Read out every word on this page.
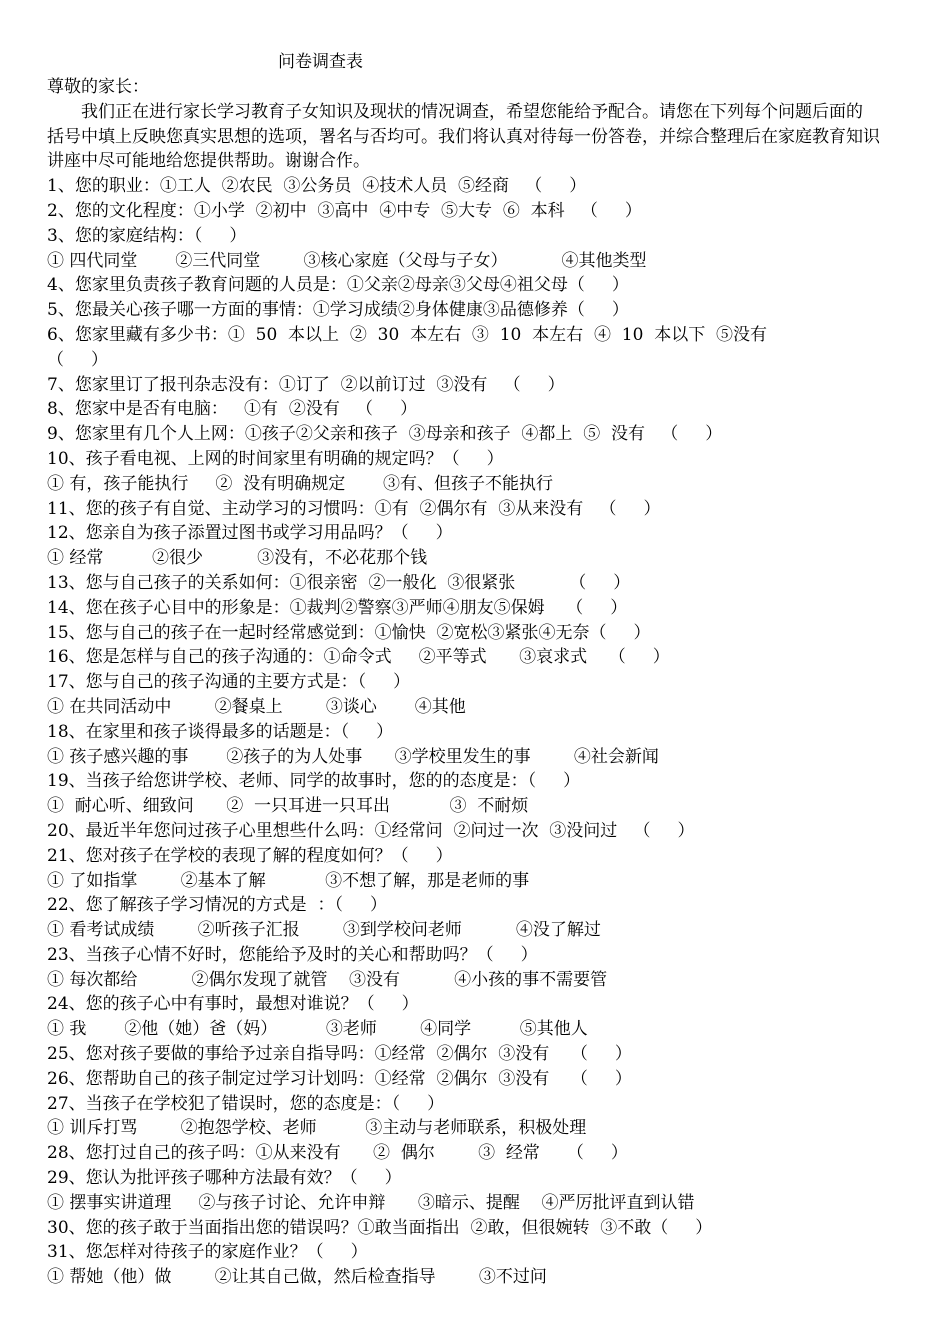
问卷调查表
尊敬的家长：
我们正在进行家长学习教育子女知识及现状的情况调查，希望您能给予配合。请您在下列每个问题后面的
括号中填上反映您真实思想的选项，署名与否均可。我们将认真对待每一份答卷，并综合整理后在家庭教育知识
讲座中尽可能地给您提供帮助。谢谢合作。
1、您的职业：①工人  ②农民  ③公务员  ④技术人员  ⑤经商   （     ）
2、您的文化程度：①小学  ②初中  ③高中  ④中专  ⑤大专  ⑥  本科   （     ）
3、您的家庭结构：（     ）
① 四代同堂       ②三代同堂        ③核心家庭（父母与子女）          ④其他类型
4、您家里负责孩子教育问题的人员是：①父亲②母亲③父母④祖父母（     ）
5、您最关心孩子哪一方面的事情：①学习成绩②身体健康③品德修养（     ）
6、您家里藏有多少书：①  50  本以上  ②  30  本左右  ③  10  本左右  ④  10  本以下  ⑤没有
（     ）
7、您家里订了报刊杂志没有：①订了  ②以前订过  ③没有   （     ）
8、您家中是否有电脑：   ①有  ②没有   （     ）
9、您家里有几个人上网：①孩子②父亲和孩子  ③母亲和孩子  ④都上  ⑤  没有   （     ）
10、孩子看电视、上网的时间家里有明确的规定吗？（     ）
① 有，孩子能执行     ②  没有明确规定       ③有、但孩子不能执行
11、您的孩子有自觉、主动学习的习惯吗：①有  ②偶尔有  ③从来没有   （     ）
12、您亲自为孩子添置过图书或学习用品吗？（     ）
① 经常         ②很少          ③没有，不必花那个钱
13、您与自己孩子的关系如何：①很亲密  ②一般化  ③很紧张          （     ）
14、您在孩子心目中的形象是：①裁判②警察③严师④朋友⑤保姆    （     ）
15、您与自己的孩子在一起时经常感觉到：①愉快  ②宽松③紧张④无奈（     ）
16、您是怎样与自己的孩子沟通的：①命令式     ②平等式      ③哀求式    （     ）
17、您与自己的孩子沟通的主要方式是：（     ）
① 在共同活动中        ②餐桌上        ③谈心       ④其他
18、在家里和孩子谈得最多的话题是：（     ）
① 孩子感兴趣的事       ②孩子的为人处事      ③学校里发生的事        ④社会新闻
19、当孩子给您讲学校、老师、同学的故事时，您的的态度是：（     ）
①  耐心听、细致问      ②  一只耳进一只耳出           ③  不耐烦
20、最近半年您问过孩子心里想些什么吗：①经常问  ②问过一次  ③没问过   （     ）
21、您对孩子在学校的表现了解的程度如何？（     ）
① 了如指掌        ②基本了解           ③不想了解，那是老师的事
22、您了解孩子学习情况的方式是  ：（     ）
① 看考试成绩        ②听孩子汇报        ③到学校问老师          ④没了解过
23、当孩子心情不好时，您能给予及时的关心和帮助吗？（     ）
① 每次都给          ②偶尔发现了就管    ③没有          ④小孩的事不需要管
24、您的孩子心中有事时，最想对谁说？（     ）
① 我       ②他（她）爸（妈）         ③老师        ④同学         ⑤其他人
25、您对孩子要做的事给予过亲自指导吗：①经常  ②偶尔  ③没有    （     ）
26、您帮助自己的孩子制定过学习计划吗：①经常  ②偶尔  ③没有    （     ）
27、当孩子在学校犯了错误时，您的态度是：（     ）
① 训斥打骂        ②抱怨学校、老师         ③主动与老师联系，积极处理
28、您打过自己的孩子吗：①从来没有      ②  偶尔        ③  经常     （     ）
29、您认为批评孩子哪种方法最有效？（     ）
① 摆事实讲道理     ②与孩子讨论、允许申辩      ③暗示、提醒    ④严厉批评直到认错
30、您的孩子敢于当面指出您的错误吗？①敢当面指出  ②敢，但很婉转  ③不敢（     ）
31、您怎样对待孩子的家庭作业？（     ）
① 帮她（他）做        ②让其自己做，然后检查指导        ③不过问
